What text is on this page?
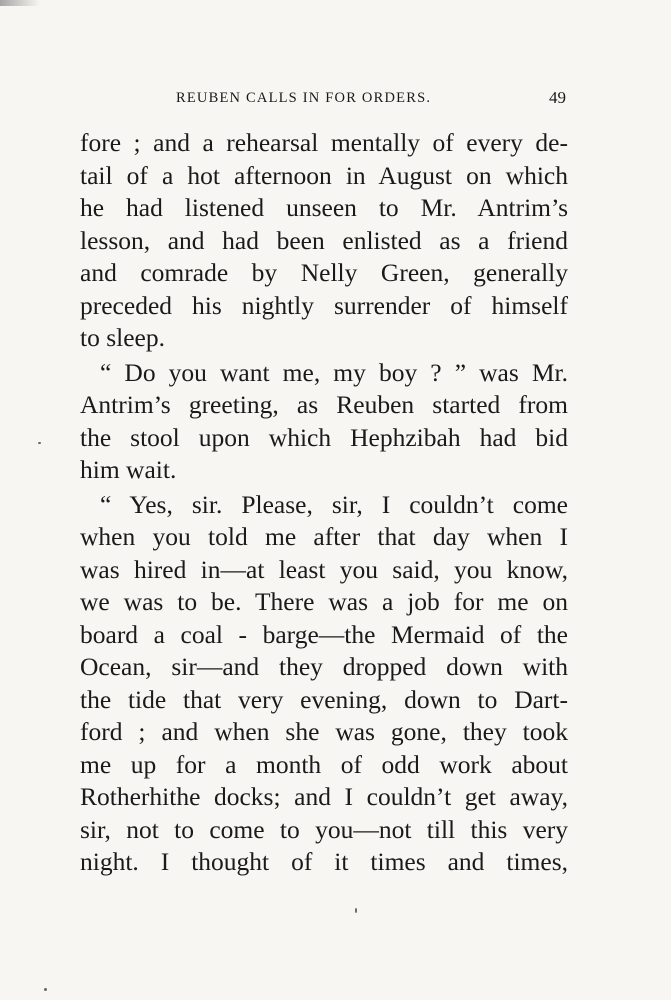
REUBEN CALLS IN FOR ORDERS.	49
fore ; and a rehearsal mentally of every de-
tail of a hot afternoon in August on which
he had listened unseen to Mr. Antrim’s
lesson, and had been enlisted as a friend
and comrade by Nelly Green, generally
preceded his nightly surrender of himself
to sleep.
“ Do you want me, my boy ? ” was Mr.
Antrim’s greeting, as Reuben started from
the stool upon which Hephzibah had bid
him wait.
“ Yes, sir. Please, sir, I couldn’t come
when you told me after that day when I
was hired in—at least you said, you know,
we was to be. There was a job for me on
board a coal - barge—the Mermaid of the
Ocean, sir—and they dropped down with
the tide that very evening, down to Dart-
ford ; and when she was gone, they took
me up for a month of odd work about
Rotherhithe docks; and I couldn’t get away,
sir, not to come to you—not till this very
night. I thought of it times and times,
